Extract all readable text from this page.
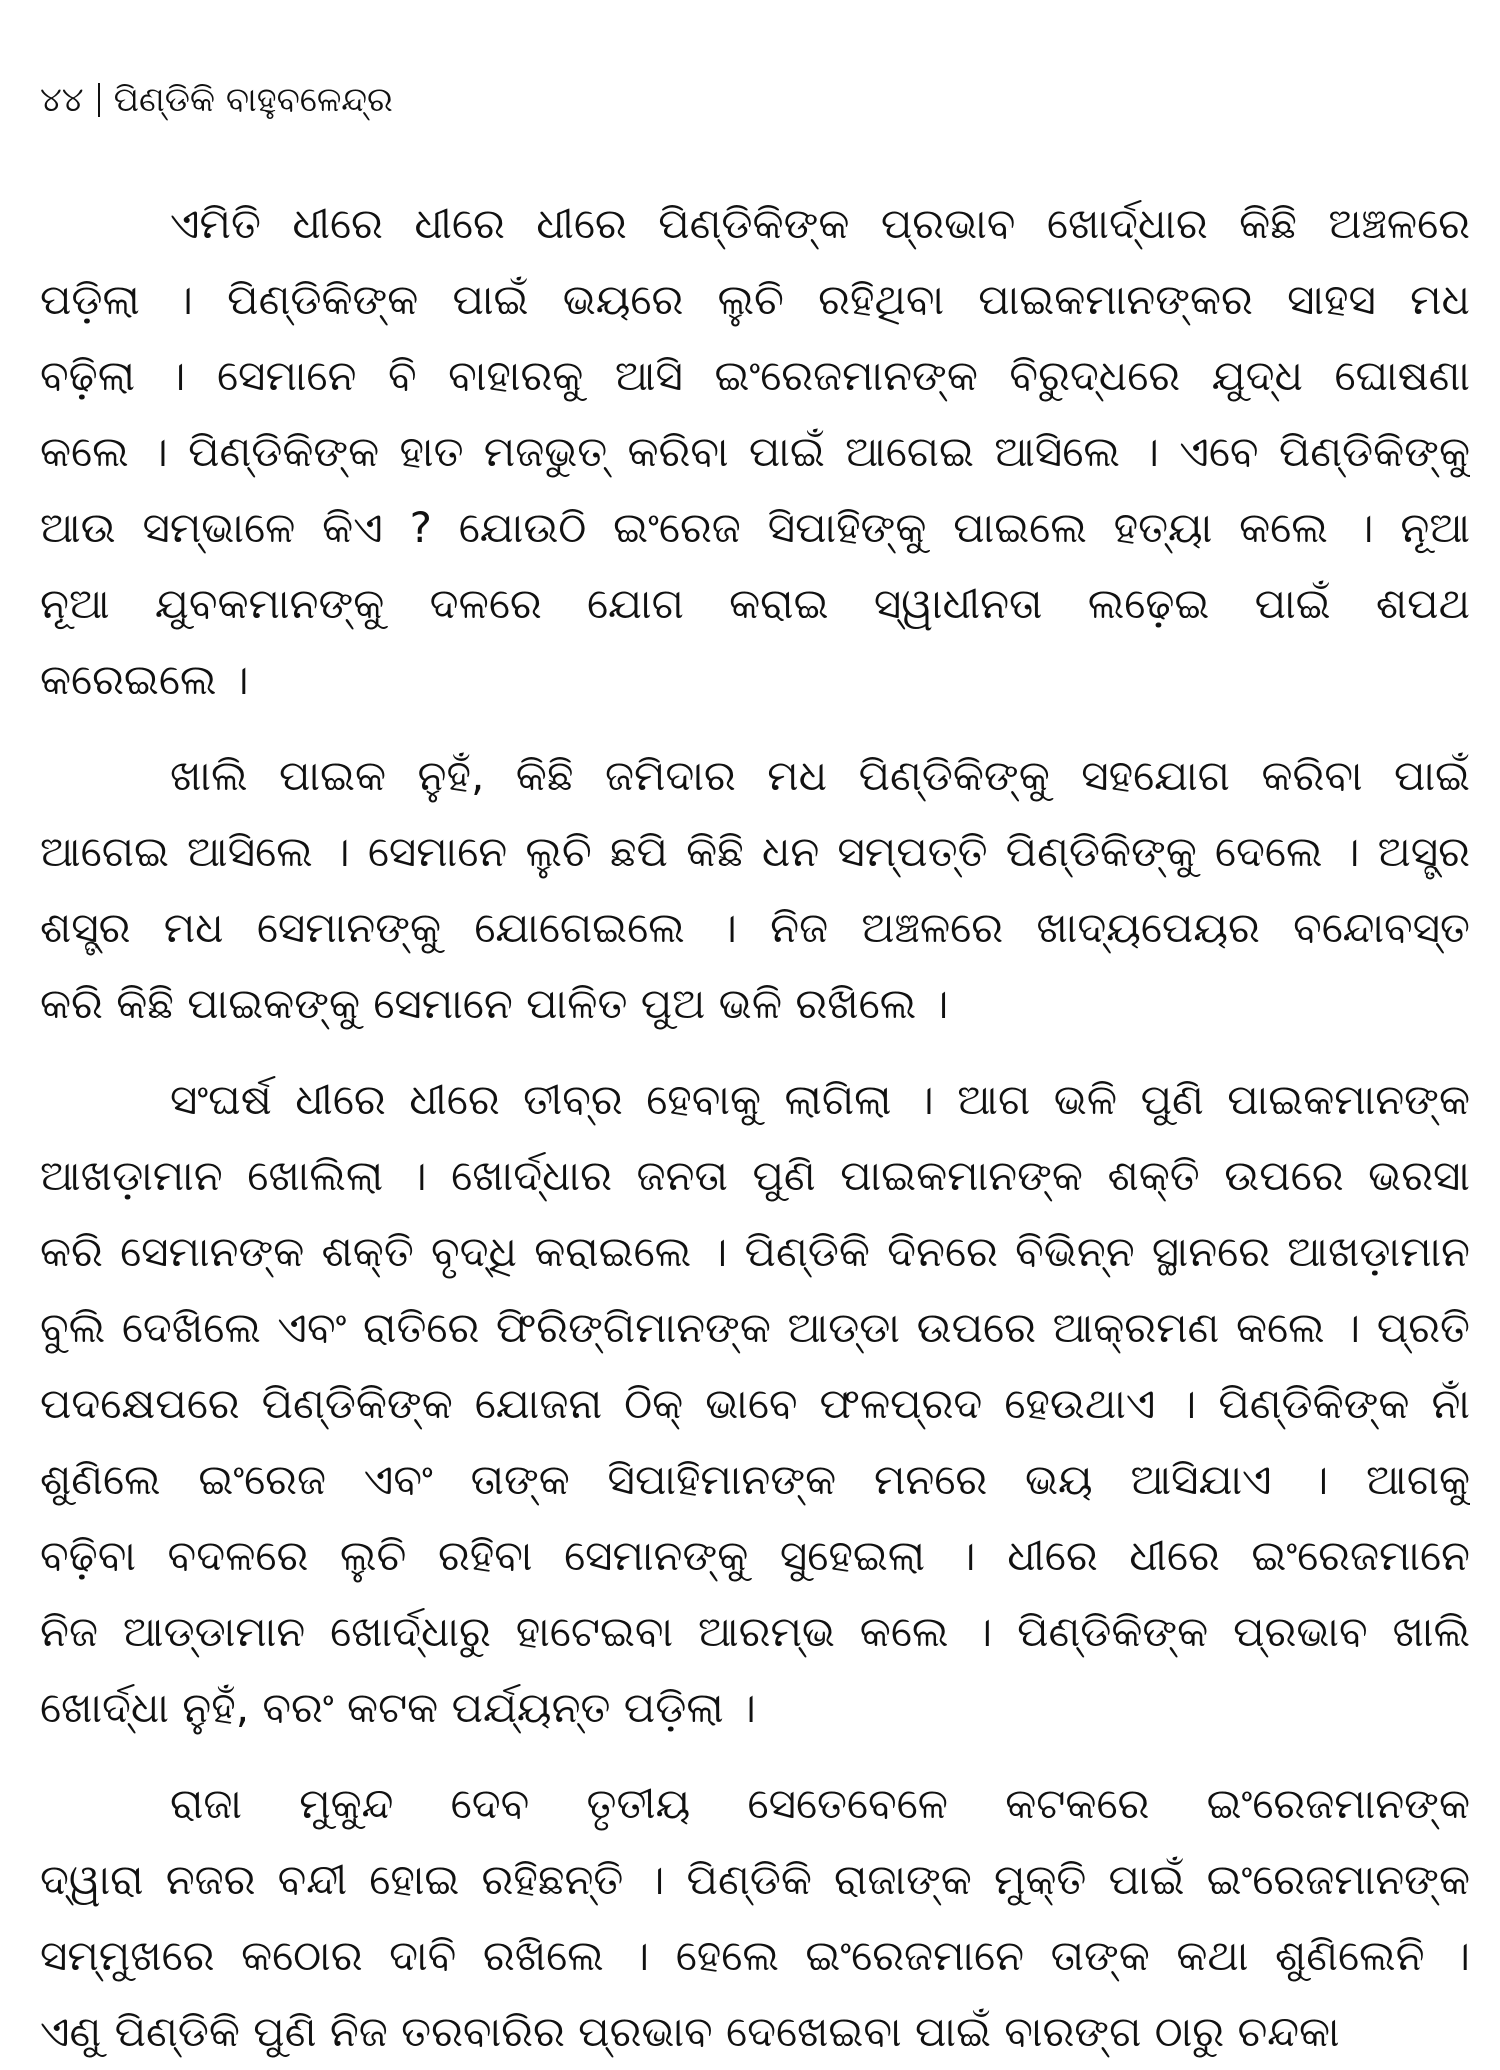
୪୪ ପିଣ୍ଡିକି ବାହୁବଳେନ୍ଦ୍ର
ଏମିତି ଧୀରେ ଧୀରେ ଧୀରେ ପିଣ୍ଡିକିଙ୍କ ପ୍ରଭାବ ଖୋର୍ଦ୍ଧାର କିଛି ଅଞ୍ଚଳରେ
ପଡ଼ିଲା । ପିଣ୍ଡିକିଙ୍କ ପାଇଁ ଭୟରେ ଲୁଚି ରହିଥିବା ପାଇକମାନଙ୍କର ସାହସ ମଧ
ବଢ଼ିଲା । ସେମାନେ ବି ବାହାରକୁ ଆସି ଇଂରେଜମାନଙ୍କ ବିରୁଦ୍ଧରେ ଯୁଦ୍ଧ ଘୋଷଣା
କଲେ । ପିଣ୍ଡିକିଙ୍କ ହାତ ମଜଭୁତ୍ କରିବା ପାଇଁ ଆଗେଇ ଆସିଲେ । ଏବେ ପିଣ୍ଡିକିଙ୍କୁ
ଆଉ ସମ୍ଭାଳେ କିଏ ? ଯୋଉଠି ଇଂରେଜ ସିପାହିଙ୍କୁ ପାଇଲେ ହତ୍ୟା କଲେ । ନୂଆ
ନୂଆ ଯୁବକମାନଙ୍କୁ ଦଳରେ ଯୋଗ କରାଇ ସ୍ୱାଧୀନତା ଲଢ଼େଇ ପାଇଁ ଶପଥ
କରେଇଲେ ।
ଖାଲି ପାଇକ ନୁହଁ, କିଛି ଜମିଦାର ମଧ ପିଣ୍ଡିକିଙ୍କୁ ସହଯୋଗ କରିବା ପାଇଁ
ଆଗେଇ ଆସିଲେ । ସେମାନେ ଲୁଚି ଛପି କିଛି ଧନ ସମ୍ପତ୍ତି ପିଣ୍ଡିକିଙ୍କୁ ଦେଲେ । ଅସ୍ତ୍ର
ଶସ୍ତ୍ର ମଧ ସେମାନଙ୍କୁ ଯୋଗେଇଲେ । ନିଜ ଅଞ୍ଚଳରେ ଖାଦ୍ୟପେୟର ବନ୍ଦୋବସ୍ତ
କରି କିଛି ପାଇକଙ୍କୁ ସେମାନେ ପାଳିତ ପୁଅ ଭଳି ରଖିଲେ ।
ସଂଘର୍ଷ ଧୀରେ ଧୀରେ ତୀବ୍ର ହେବାକୁ ଲାଗିଲା । ଆଗ ଭଳି ପୁଣି ପାଇକମାନଙ୍କ
ଆଖଡ଼ାମାନ ଖୋଲିଲା । ଖୋର୍ଦ୍ଧାର ଜନତା ପୁଣି ପାଇକମାନଙ୍କ ଶକ୍ତି ଉପରେ ଭରସା
କରି ସେମାନଙ୍କ ଶକ୍ତି ବୃଦ୍ଧି କରାଇଲେ । ପିଣ୍ଡିକି ଦିନରେ ବିଭିନ୍ନ ସ୍ଥାନରେ ଆଖଡ଼ାମାନ
ବୁଲି ଦେଖିଲେ ଏବଂ ରାତିରେ ଫିରିଙ୍ଗିମାନଙ୍କ ଆଡ୍ଡା ଉପରେ ଆକ୍ରମଣ କଲେ । ପ୍ରତି
ପଦକ୍ଷେପରେ ପିଣ୍ଡିକିଙ୍କ ଯୋଜନା ଠିକ୍ ଭାବେ ଫଳପ୍ରଦ ହେଉଥାଏ । ପିଣ୍ଡିକିଙ୍କ ନାଁ
ଶୁଣିଲେ ଇଂରେଜ ଏବଂ ତାଙ୍କ ସିପାହିମାନଙ୍କ ମନରେ ଭୟ ଆସିଯାଏ । ଆଗକୁ
ବଢ଼ିବା ବଦଳରେ ଲୁଚି ରହିବା ସେମାନଙ୍କୁ ସୁହେଇଲା । ଧୀରେ ଧୀରେ ଇଂରେଜମାନେ
ନିଜ ଆଡ୍ଡାମାନ ଖୋର୍ଦ୍ଧାରୁ ହାଟେଇବା ଆରମ୍ଭ କଲେ । ପିଣ୍ଡିକିଙ୍କ ପ୍ରଭାବ ଖାଲି
ଖୋର୍ଦ୍ଧା ନୁହଁ, ବରଂ କଟକ ପର୍ଯ୍ୟନ୍ତ ପଡ଼ିଲା ।
ରାଜା ମୁକୁନ୍ଦ ଦେବ ତୃତୀୟ ସେତେବେଳେ କଟକରେ ଇଂରେଜମାନଙ୍କ
ଦ୍ୱାରା ନଜର ବନ୍ଦୀ ହୋଇ ରହିଛନ୍ତି । ପିଣ୍ଡିକି ରାଜାଙ୍କ ମୁକ୍ତି ପାଇଁ ଇଂରେଜମାନଙ୍କ
ସମ୍ମୁଖରେ କଠୋର ଦାବି ରଖିଲେ । ହେଲେ ଇଂରେଜମାନେ ତାଙ୍କ କଥା ଶୁଣିଲେନି ।
ଏଣୁ ପିଣ୍ଡିକି ପୁଣି ନିଜ ତରବାରିର ପ୍ରଭାବ ଦେଖେଇବା ପାଇଁ ବାରଙ୍ଗ ଠାରୁ ଚନ୍ଦକା
